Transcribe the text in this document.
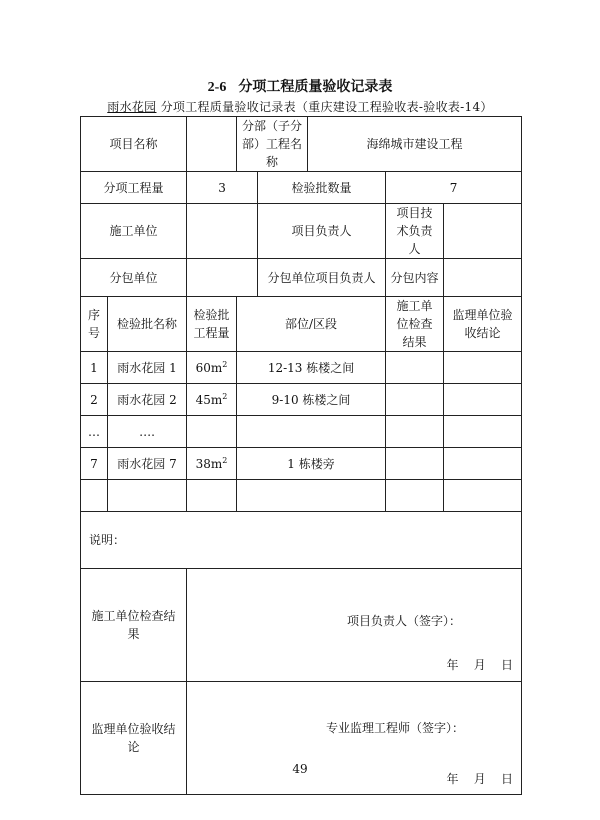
2-6 分项工程质量验收记录表
雨水花园 分项工程质量验收记录表（重庆建设工程验收表-验收表-14）
项目名称			分部（子分部）工程名称		海绵城市建设工程		
分项工程量		3		检验批数量		7	
施工单位				项目负责人		项目技术负责人	
分包单位				分包单位项目负责人		分包内容	
序号	检验批名称	检验批工程量	部位/区段			施工单位检查结果	监理单位验收结论
1	雨水花园 1	$60m^2$	12-13 栋楼之间				
2	雨水花园 2	$45m^2$	9-10 栋楼之间				
…	….						
7	雨水花园 7	$38m^2$	1 栋楼旁				

说明：							
施工单位检查结果		项目负责人（签字）：
年    月    日					

监理单位验收结论		专业监理工程师（签字）：
年    月    日					
49
